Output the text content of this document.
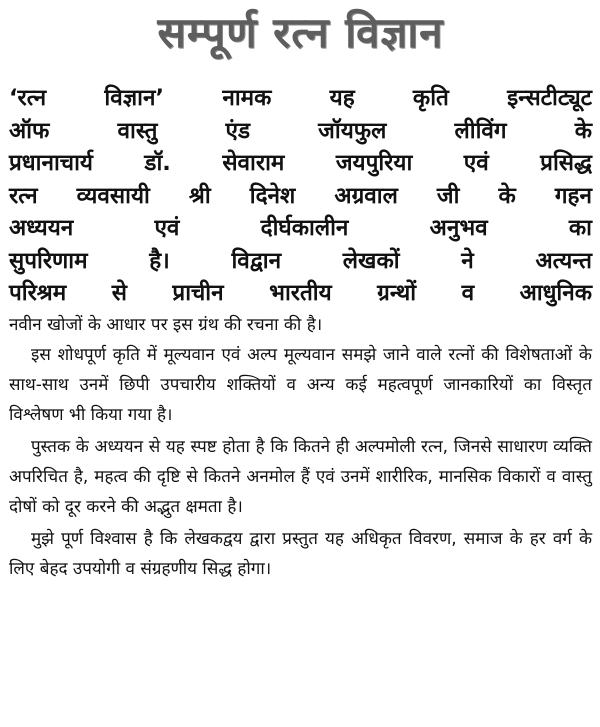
सम्पूर्ण रत्न विज्ञान

‘रत्न विज्ञान’ नामक यह कृति इन्सटीट्यूट

ऑफ वास्तु एंड जॉयफुल लीविंग के

प्रधानाचार्य डॉ. सेवाराम जयपुरिया एवं प्रसिद्ध

रत्न व्यवसायी श्री दिनेश अग्रवाल जी के गहन

अध्ययन एवं दीर्घकालीन अनुभव का

सुपरिणाम है। विद्वान लेखकों ने अत्यन्त

परिश्रम से प्राचीन भारतीय ग्रन्थों व आधुनिक

नवीन खोजों के आधार पर इस ग्रंथ की रचना की है।

इस शोधपूर्ण कृति में मूल्यवान एवं अल्प मूल्यवान समझे जाने वाले रत्नों की विशेषताओं के साथ-साथ उनमें छिपी उपचारीय शक्तियों व अन्य कई महत्वपूर्ण जानकारियों का विस्तृत विश्लेषण भी किया गया है।

पुस्तक के अध्ययन से यह स्पष्ट होता है कि कितने ही अल्पमोली रत्न, जिनसे साधारण व्यक्ति अपरिचित है, महत्व की दृष्टि से कितने अनमोल हैं एवं उनमें शारीरिक, मानसिक विकारों व वास्तु दोषों को दूर करने की अद्भुत क्षमता है।

मुझे पूर्ण विश्वास है कि लेखकद्वय द्वारा प्रस्तुत यह अधिकृत विवरण, समाज के हर वर्ग के लिए बेहद उपयोगी व संग्रहणीय सिद्ध होगा।
